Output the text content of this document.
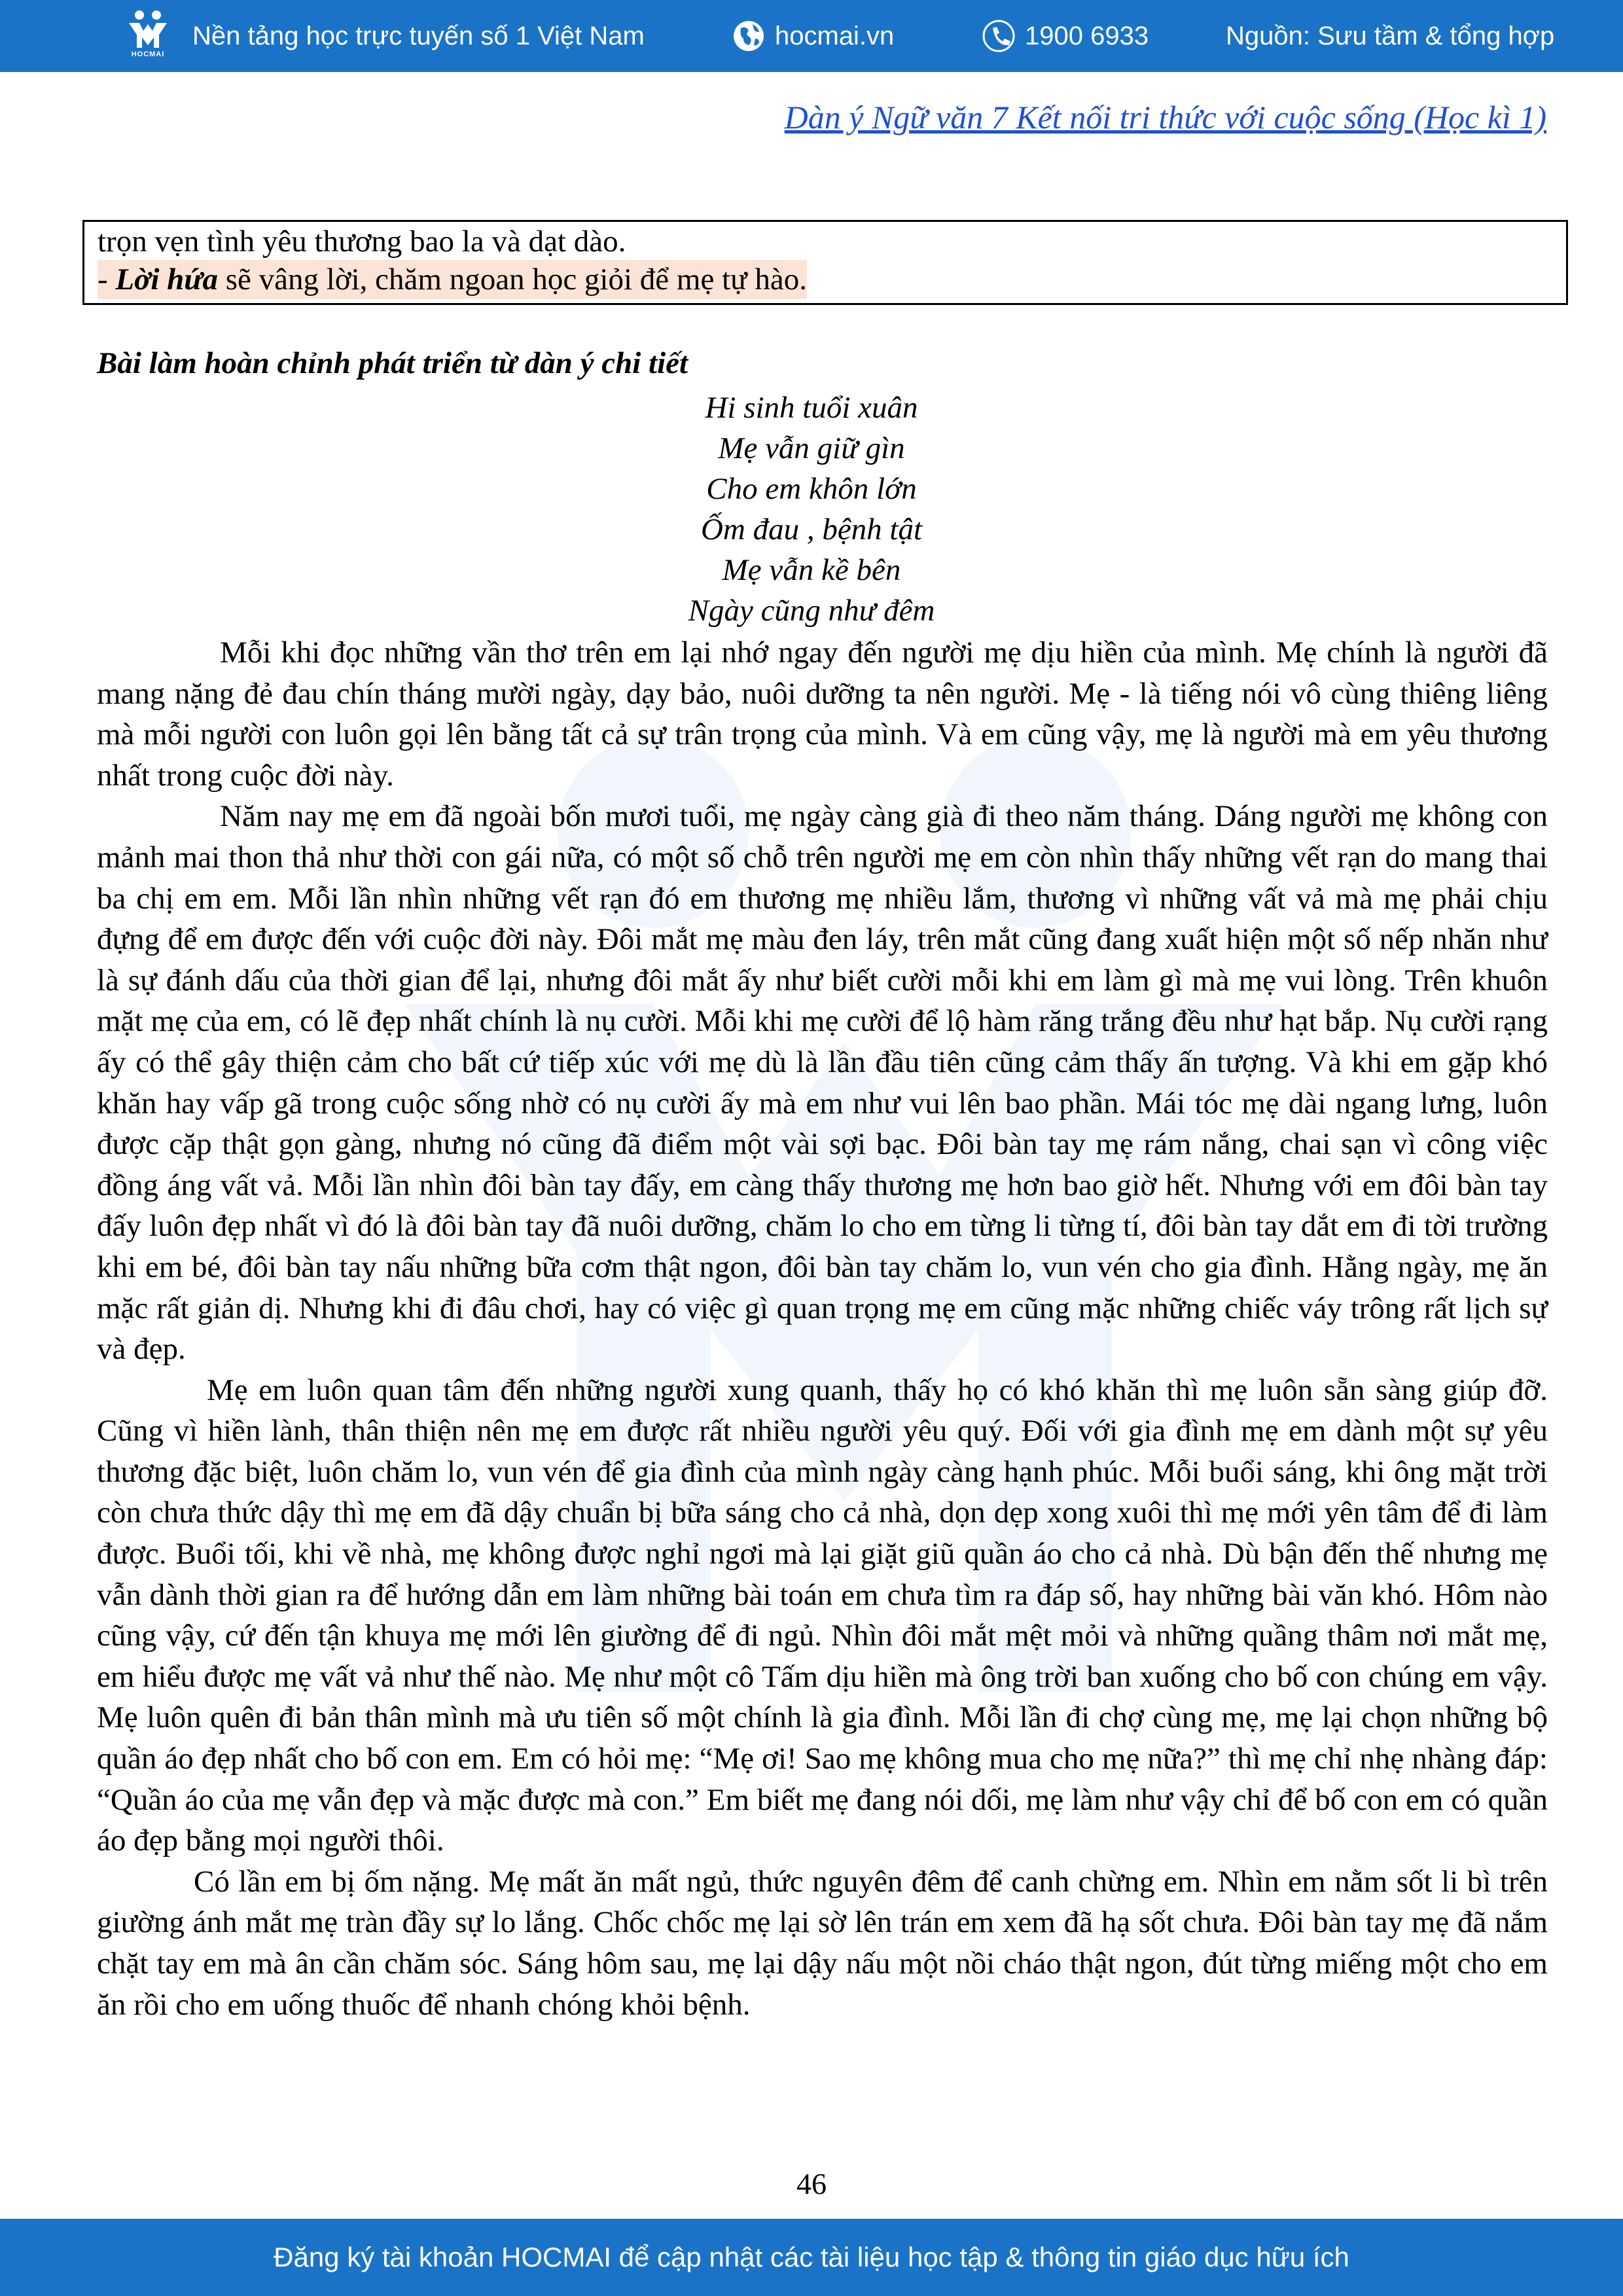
HOCMAI
Nền tảng học trực tuyến số 1 Việt Nam	hocmai.vn	1900 6933	Nguồn: Sưu tầm & tổng hợp
Dàn ý Ngữ văn 7 Kết nối tri thức với cuộc sống (Học kì 1)
trọn vẹn tình yêu thương bao la và dạt dào.
- Lời hứa sẽ vâng lời, chăm ngoan học giỏi để mẹ tự hào.
Bài làm hoàn chỉnh phát triển từ dàn ý chi tiết
Hi sinh tuổi xuân
Mẹ vẫn giữ gìn
Cho em khôn lớn
Ốm đau , bệnh tật
Mẹ vẫn kề bên
Ngày cũng như đêm

Mỗi khi đọc những vần thơ trên em lại nhớ ngay đến người mẹ dịu hiền của mình. Mẹ chính là người đã mang nặng đẻ đau chín tháng mười ngày, dạy bảo, nuôi dưỡng ta nên người. Mẹ - là tiếng nói vô cùng thiêng liêng mà mỗi người con luôn gọi lên bằng tất cả sự trân trọng của mình. Và em cũng vậy, mẹ là người mà em yêu thương nhất trong cuộc đời này.

Năm nay mẹ em đã ngoài bốn mươi tuổi, mẹ ngày càng già đi theo năm tháng. Dáng người mẹ không con mảnh mai thon thả như thời con gái nữa, có một số chỗ trên người mẹ em còn nhìn thấy những vết rạn do mang thai ba chị em em. Mỗi lần nhìn những vết rạn đó em thương mẹ nhiều lắm, thương vì những vất vả mà mẹ phải chịu đựng để em được đến với cuộc đời này. Đôi mắt mẹ màu đen láy, trên mắt cũng đang xuất hiện một số nếp nhăn như là sự đánh dấu của thời gian để lại, nhưng đôi mắt ấy như biết cười mỗi khi em làm gì mà mẹ vui lòng. Trên khuôn mặt mẹ của em, có lẽ đẹp nhất chính là nụ cười. Mỗi khi mẹ cười để lộ hàm răng trắng đều như hạt bắp. Nụ cười rạng ấy có thể gây thiện cảm cho bất cứ tiếp xúc với mẹ dù là lần đầu tiên cũng cảm thấy ấn tượng. Và khi em gặp khó khăn hay vấp gã trong cuộc sống nhờ có nụ cười ấy mà em như vui lên bao phần. Mái tóc mẹ dài ngang lưng, luôn được cặp thật gọn gàng, nhưng nó cũng đã điểm một vài sợi bạc. Đôi bàn tay mẹ rám nắng, chai sạn vì công việc đồng áng vất vả. Mỗi lần nhìn đôi bàn tay đấy, em càng thấy thương mẹ hơn bao giờ hết. Nhưng với em đôi bàn tay đấy luôn đẹp nhất vì đó là đôi bàn tay đã nuôi dưỡng, chăm lo cho em từng li từng tí, đôi bàn tay dắt em đi tời trường khi em bé, đôi bàn tay nấu những bữa cơm thật ngon, đôi bàn tay chăm lo, vun vén cho gia đình. Hằng ngày, mẹ ăn mặc rất giản dị. Nhưng khi đi đâu chơi, hay có việc gì quan trọng mẹ em cũng mặc những chiếc váy trông rất lịch sự và đẹp.

Mẹ em luôn quan tâm đến những người xung quanh, thấy họ có khó khăn thì mẹ luôn sẵn sàng giúp đỡ. Cũng vì hiền lành, thân thiện nên mẹ em được rất nhiều người yêu quý. Đối với gia đình mẹ em dành một sự yêu thương đặc biệt, luôn chăm lo, vun vén để gia đình của mình ngày càng hạnh phúc. Mỗi buổi sáng, khi ông mặt trời còn chưa thức dậy thì mẹ em đã dậy chuẩn bị bữa sáng cho cả nhà, dọn dẹp xong xuôi thì mẹ mới yên tâm để đi làm được. Buổi tối, khi về nhà, mẹ không được nghỉ ngơi mà lại giặt giũ quần áo cho cả nhà. Dù bận đến thế nhưng mẹ vẫn dành thời gian ra để hướng dẫn em làm những bài toán em chưa tìm ra đáp số, hay những bài văn khó. Hôm nào cũng vậy, cứ đến tận khuya mẹ mới lên giường để đi ngủ. Nhìn đôi mắt mệt mỏi và những quầng thâm nơi mắt mẹ, em hiểu được mẹ vất vả như thế nào. Mẹ như một cô Tấm dịu hiền mà ông trời ban xuống cho bố con chúng em vậy. Mẹ luôn quên đi bản thân mình mà ưu tiên số một chính là gia đình. Mỗi lần đi chợ cùng mẹ, mẹ lại chọn những bộ quần áo đẹp nhất cho bố con em. Em có hỏi mẹ: “Mẹ ơi! Sao mẹ không mua cho mẹ nữa?” thì mẹ chỉ nhẹ nhàng đáp: “Quần áo của mẹ vẫn đẹp và mặc được mà con.” Em biết mẹ đang nói dối, mẹ làm như vậy chỉ để bố con em có quần áo đẹp bằng mọi người thôi.

Có lần em bị ốm nặng. Mẹ mất ăn mất ngủ, thức nguyên đêm để canh chừng em. Nhìn em nằm sốt li bì trên giường ánh mắt mẹ tràn đầy sự lo lắng. Chốc chốc mẹ lại sờ lên trán em xem đã hạ sốt chưa. Đôi bàn tay mẹ đã nắm chặt tay em mà ân cần chăm sóc. Sáng hôm sau, mẹ lại dậy nấu một nồi cháo thật ngon, đút từng miếng một cho em ăn rồi cho em uống thuốc để nhanh chóng khỏi bệnh.

46
Đăng ký tài khoản HOCMAI để cập nhật các tài liệu học tập & thông tin giáo dục hữu ích
